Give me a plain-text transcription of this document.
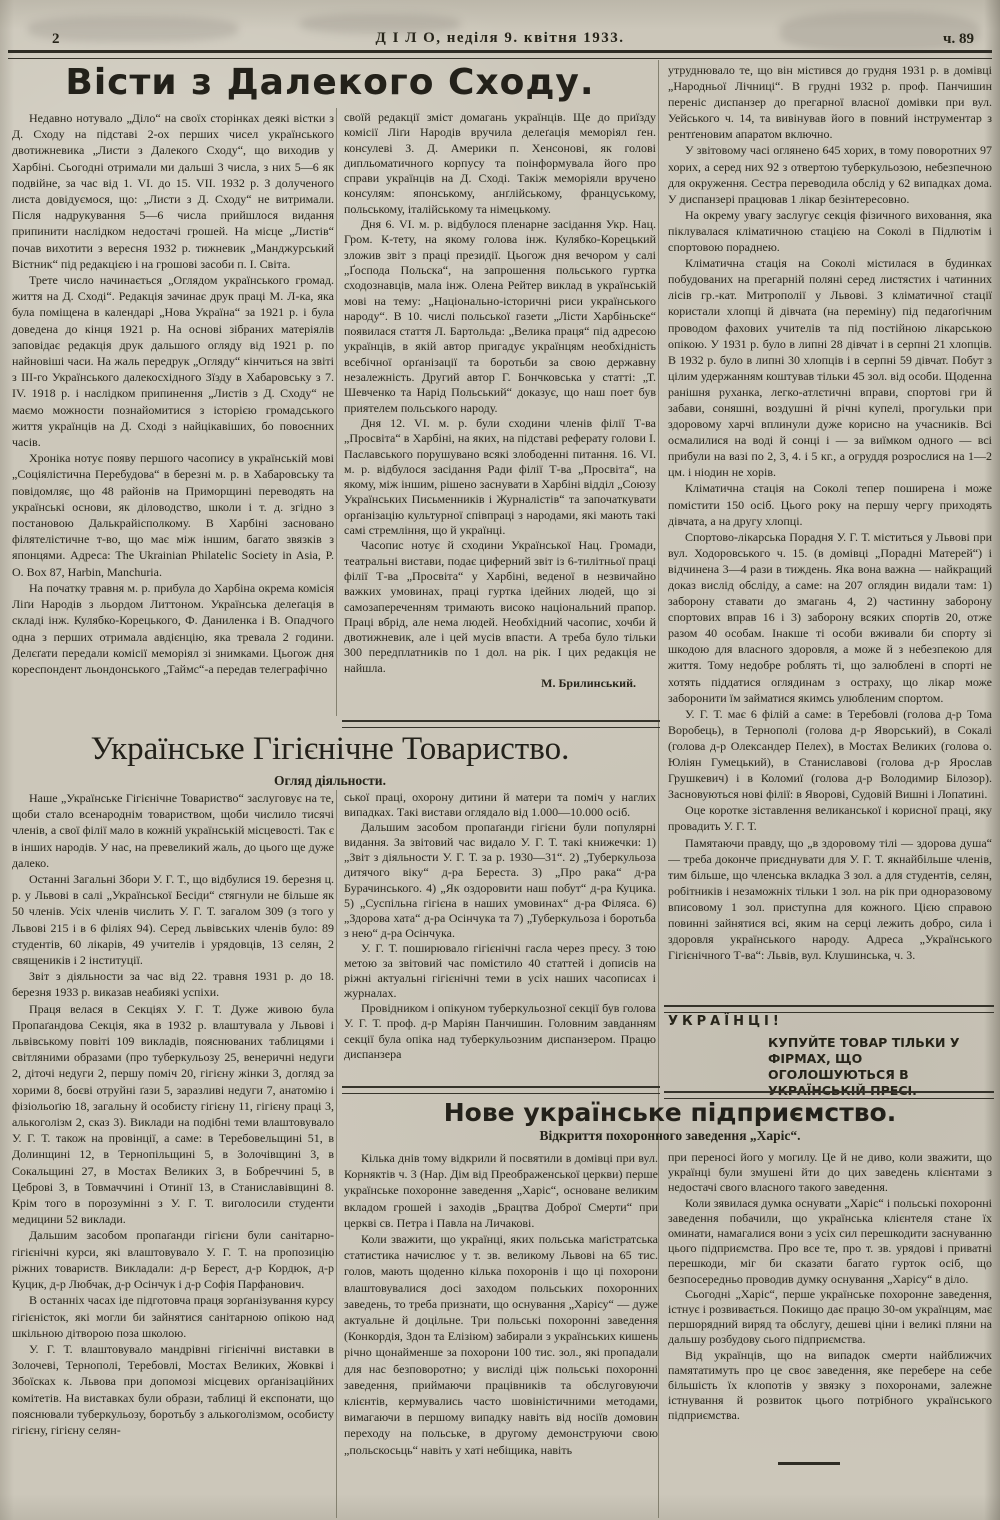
2	Д І Л О, неділя 9. квітня 1933.	ч. 89
Вісти з Далекого Сходу.

Недавно нотувало „Діло“ на своїх сторінках деякі вістки з Д. Сходу на підставі 2-ох перших чисел українського двотижневика „Листи з Далекого Сходу“, що виходив у Харбіні. Сьогодні отримали ми дальші 3 числа, з них 5—6 як подвійне, за час від 1. VI. до 15. VII. 1932 р. З долученого листа довідуємося, що: „Листи з Д. Сходу“ не витримали. Після надрукування 5—6 числа прийшлося видання припинити наслідком недостачі грошей. На місце „Листів“ почав вихотити з вересня 1932 р. тижневик „Манджурський Вістник“ під редакцією і на грошові засоби п. І. Світа.

Трете число начинається „Оглядом українського громад. життя на Д. Сході“. Редакція зачинає друк праці М. Л-ка, яка була поміщена в календарі „Нова Україна“ за 1921 р. і була доведена до кінця 1921 р. На основі зібраних матеріялів заповідає редакція друк дальшого огляду від 1921 р. по найновіші часи. На жаль передрук „Огляду“ кінчиться на звіті з ІІІ-го Українського далекосхідного Зїзду в Хабаровську з 7. IV. 1918 р. і наслідком припинення „Листів з Д. Сходу“ не маємо можности познайомитися з історією громадського життя українців на Д. Сході з найцікавіших, бо повоєнних часів.

Хроніка нотує появу першого часопису в українській мові „Соціялістична Перебудова“ в березні м. р. в Хабаровську та повідомляє, що 48 районів на Приморщині переводять на українські основи, як діловодство, школи і т. д. згідно з постановою Далькрайісполкому. В Харбіні засновано філятелістичне т-во, що має між іншим, багато звязків з японцями. Адреса: The Ukrainian Philatelic Society in Asia, P. O. Box 87, Harbin, Manchuria.

На початку травня м. р. прибула до Харбіна окрема комісія Ліґи Народів з льордом Литтоном. Українська делеґація в складі інж. Кулябко-Корецького, Ф. Даниленка і В. Опадчого одна з перших отримала авдієнцію, яка тревала 2 години. Делєґати передали комісії меморіял зі знимками. Цьогож дня кореспондент льондонського „Таймс“-а передав телеграфічно

своїй редакції зміст домагань українців. Ще до приїзду комісії Ліґи Народів вручила делеґація меморіял ґен. консулеві З. Д. Америки п. Хенсонові, як голові дипльоматичного корпусу та поінформувала його про справи українців на Д. Сході. Такіж меморіяли вручено консулям: японському, анґлійському, француському, польському, італійському та німецькому.

Дня 6. VI. м. р. відбулося пленарне засідання Укр. Нац. Гром. К-тету, на якому голова інж. Кулябко-Корецький зложив звіт з праці президії. Цьогож дня вечором у салі „Ґоспода Польска“, на запрошення польського гуртка сходознавців, мала інж. Олена Рейтер виклад в українській мові на тему: „Національно-історичні риси українського народу“. В 10. числі польської газети „Лісти Харбіньске“ появилася стаття Л. Бартольда: „Велика праця“ під адресою українців, в якій автор пригадує українцям необхідність всебічної орґанізації та боротьби за свою державну незалежність. Другий автор Г. Бончковська у статті: „Т. Шевченко та Нарід Польський“ доказує, що наш поет був приятелем польського народу.

Дня 12. VI. м. р. були сходини членів філії Т-ва „Просвіта“ в Харбіні, на яких, на підставі реферату голови І. Паславського порушувано всякі злободенні питання. 16. VI. м. р. відбулося засідання Ради філії Т-ва „Просвіта“, на якому, між іншим, рішено заснувати в Харбіні відділ „Союзу Українських Письменників і Журналістів“ та започаткувати орґанізацію культурної співпраці з народами, які мають такі самі стремління, що й українці.

Часопис нотує й сходини Української Нац. Громади, театральні вистави, подає циферний звіт із 6-тилітньої праці філії Т-ва „Просвіта“ у Харбіні, веденої в незвичайно важких умовинах, праці гуртка ідейних людей, що зі самозапереченням тримають високо національний прапор. Праці вбрід, але нема людей. Необхідний часопис, хочби й двотижневик, але і цей мусів впасти. А треба було тільки 300 передплатників по 1 дол. на рік. І цих редакція не найшла.

М. Брилинський.

Українське Гігієнічне Товариство.
Огляд діяльности.

Наше „Українське Гігієнічне Товариство“ заслуговує на те, щоби стало всенароднім товариством, щоби числило тисячі членів, а свої філії мало в кожній українській місцевості. Так є в інших народів. У нас, на превеликий жаль, до цього ще дуже далеко.

Останні Загальні Збори У. Г. Т., що відбулися 19. березня ц. р. у Львові в салі „Української Бесіди“ стягнули не більше як 50 членів. Усіх членів числить У. Г. Т. загалом 309 (з того у Львові 215 і в 6 філіях 94). Серед львівських членів було: 89 студентів, 60 лікарів, 49 учителів і урядовців, 13 селян, 2 священиків і 2 інституції.

Звіт з діяльности за час від 22. травня 1931 р. до 18. березня 1933 р. виказав неабиякі успіхи.

Праця велася в Секціях У. Г. Т. Дуже живою була Пропаґандова Секція, яка в 1932 р. влаштувала у Львові і львівському повіті 109 викладів, пояснюваних таблицями і світляними образами (про туберкульозу 25, венеричні недуги 2, діточі недуги 2, першу поміч 20, гігієну жінки 3, догляд за хорими 8, боєві отруйні ґази 5, заразливі недуги 7, анатомію і фізіольоґію 18, загальну й особисту гігієну 11, гігієну праці 3, алькоголізм 2, сказ 3). Виклади на подібні теми влаштовувало У. Г. Т. також на провінції, а саме: в Теребовельщині 51, в Долинщині 12, в Тернопільщині 5, в Золочівщині 3, в Сокальщині 27, в Мостах Великих 3, в Бобреччині 5, в Цеброві 3, в Товмаччині і Отинії 13, в Станиславівщині 8. Крім того в порозумінні з У. Г. Т. виголосили студенти медицини 52 виклади.

Дальшим засобом пропаґанди гігієни були санітарно-гігієнічні курси, які влаштовувало У. Г. Т. на пропозицію ріжних товариств. Викладали: д-р Берест, д-р Кордюк, д-р Куцик, д-р Любчак, д-р Осінчук і д-р Софія Парфанович.

В останніх часах іде підготовча праця зорґанізування курсу гігієністок, які могли би зайнятися санітарною опікою над шкільною дітворою поза школою.

У. Г. Т. влаштовувало мандрівні гігієнічні виставки в Золочеві, Тернополі, Теребовлі, Мостах Великих, Жовкві і Збоїсках к. Львова при допомозі місцевих орґанізаційних комітетів. На виставках були образи, таблиці й експонати, що пояснювали туберкульозу, боротьбу з алькоголізмом, особисту гігієну, гігієну селян-

ської праці, охорону дитини й матери та поміч у наглих випадках. Такі вистави оглядало від 1.000—10.000 осіб.

Дальшим засобом пропаґанди гігієни були популярні видання. За звітовий час видало У. Г. Т. такі книжечки: 1) „Звіт з діяльности У. Г. Т. за р. 1930—31“. 2) „Туберкульоза дитячого віку“ д-ра Береста. 3) „Про рака“ д-ра Бурачинського. 4) „Як оздоровити наш побут“ д-ра Куцика. 5) „Суспільна гігієна в наших умовинах“ д-ра Філяса. 6) „Здорова хата“ д-ра Осінчука та 7) „Туберкульоза і боротьба з нею“ д-ра Осінчука.

У. Г. Т. поширювало гігієнічні гасла через пресу. З тою метою за звітовий час помістило 40 статтей і дописів на ріжні актуальні гігієнічні теми в усіх наших часописах і журналах.

Провідником і опікуном туберкульозної секції був голова У. Г. Т. проф. д-р Маріян Панчишин. Головним завданням секції була опіка над туберкульозним диспанзером. Працю диспанзера

утруднювало те, що він містився до грудня 1931 р. в домівці „Народньої Лічниці“. В грудні 1932 р. проф. Панчишин переніс диспанзер до прегарної власної домівки при вул. Уейського ч. 14, та вивінував його в повний інструментар з рентґеновим апаратом включно.

У звітовому часі оглянено 645 хорих, в тому поворотних 97 хорих, а серед них 92 з отвертою туберкульозою, небезпечною для окруження. Сестра переводила обслід у 62 випадках дома. У диспанзері працював 1 лікар безінтересовно.

На окрему увагу заслугує секція фізичного виховання, яка піклувалася кліматичною стацією на Соколі в Підлютім і спортовою пораднею.

Кліматична стація на Соколі містилася в будинках побудованих на прегарній поляні серед листястих і чатинних лісів гр.-кат. Митрополії у Львові. З кліматичної стації користали хлопці й дівчата (на переміну) під педаґоґічним проводом фахових учителів та під постійною лікарською опікою. У 1931 р. було в липні 28 дівчат і в серпні 21 хлопців. В 1932 р. було в липні 30 хлопців і в серпні 59 дівчат. Побут з цілим удержанням коштував тільки 45 зол. від особи. Щоденна ранішня руханка, легко-атлєтичні вправи, спортові гри й забави, соняшні, воздушні й річні купелі, прогульки при здоровому харчі вплинули дуже корисно на учасників. Всі осмалилися на воді й сонці і — за виїмком одного — всі прибули на вазі по 2, 3, 4. і 5 кг., а огруддя розрослися на 1—2 цм. і ніодин не хорів.

Кліматична стація на Соколі тепер поширена і може помістити 150 осіб. Цього року на першу чергу приходять дівчата, а на другу хлопці.

Спортово-лікарська Порадня У. Г. Т. міститься у Львові при вул. Ходоровського ч. 15. (в домівці „Порадні Матерей“) і відчинена 3—4 рази в тиждень. Яка вона важна — найкращий доказ вислід обсліду, а саме: на 207 оглядин видали там: 1) заборону ставати до змагань 4, 2) частинну заборону спортових вправ 16 і 3) заборону всяких спортів 20, отже разом 40 особам. Інакше ті особи вживали би спорту зі шкодою для власного здоровля, а може й з небезпекою для життя. Тому недобре роблять ті, що залюблені в спорті не хотять піддатися оглядинам з остраху, що лікар може заборонити їм займатися якимсь улюбленим спортом.

У. Г. Т. має 6 філій а саме: в Теребовлі (голова д-р Тома Воробець), в Тернополі (голова д-р Яворський), в Сокалі (голова д-р Олександер Пелех), в Мостах Великих (голова о. Юліян Гумецький), в Станиславові (голова д-р Ярослав Грушкевич) і в Коломиї (голова д-р Володимир Білозор). Засновуються нові філії: в Яворові, Судовій Вишні і Лопатині.

Оце коротке зіставлення великанської і корисної праці, яку провадить У. Г. Т.

Памятаючи правду, що „в здоровому тілі — здорова душа“ — треба доконче приєднувати для У. Г. Т. якнайбільше членів, тим більше, що членська вкладка 3 зол. а для студентів, селян, робітників і незаможніх тільки 1 зол. на рік при одноразовому вписовому 1 зол. приступна для кожного. Цією справою повинні зайнятися всі, яким на серці лежить добро, сила і здоровля українського народу. Адреса „Українського Гігієнічного Т-ва“: Львів, вул. Клушинська, ч. 3.

УКРАЇНЦІ!
КУПУЙТЕ ТОВАР ТІЛЬКИ У ФІРМАХ, ЩО ОГОЛОШУЮТЬСЯ В УКРАЇНСЬКІЙ ПРЕСІ.
Нове українське підприємство.
Відкриття похоронного заведення „Харіс“.

Кілька днів тому відкрили й посвятили в домівці при вул. Корняктів ч. 3 (Нар. Дім від Преображенської церкви) перше українське похоронне заведення „Харіс“, основане великим вкладом грошей і заходів „Брацтва Доброї Смерти“ при церкві св. Петра і Павла на Личакові.

Коли зважити, що українці, яких польська маґістратська статистика начислює у т. зв. великому Львові на 65 тис. голов, мають щоденно кілька похоронів і що ці похорони влаштовувалися досі заходом польських похоронних заведень, то треба признати, що оснування „Харісу“ — дуже актуальне й доцільне. Три польські похоронні заведення (Конкордія, Здон та Елізіюм) забирали з українських кишень річно щонайменше за похорони 100 тис. зол., які пропадали для нас безповоротно; у висліді ціж польські похоронні заведення, приймаючи працівників та обслуговуючи клієнтів, кермувались часто шовіністичними методами, вимагаючи в першому випадку навіть від носіїв домовин переходу на польське, в другому демонструючи свою „польскосьць“ навіть у хаті небіщика, навіть

при переносі його у могилу. Це й не диво, коли зважити, що українці були змушені йти до цих заведень клієнтами з недостачі свого власного такого заведення.

Коли зявилася думка оснувати „Харіс“ і польські похоронні заведення побачили, що українська клієнтеля стане їх оминати, намагалися вони з усіх сил перешкодити заснуванню цього підприємства. Про все те, про т. зв. урядові і приватні перешкоди, міг би сказати багато гурток осіб, що безпосередньо проводив думку оснування „Харісу“ в діло.

Сьогодні „Харіс“, перше українське похоронне заведення, істнує і розвивається. Покищо дає працю 30-ом українцям, має першорядний виряд та обслугу, дешеві ціни і великі пляни на дальшу розбудову сього підприємства.

Від українців, що на випадок смерти найближчих памятатимуть про це своє заведення, яке перебере на себе більшість їх клопотів у звязку з похоронами, залежне істнування й розвиток цього потрібного українського підприємства.
